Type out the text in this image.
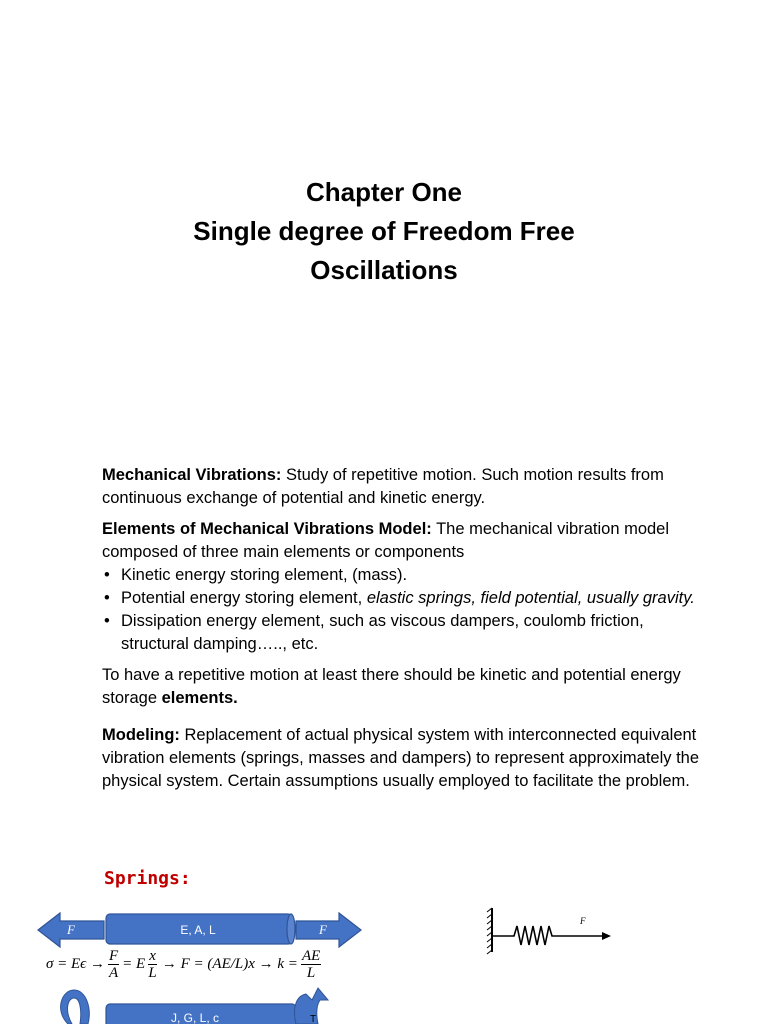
Chapter One
Single degree of Freedom Free
Oscillations

Mechanical Vibrations: Study of repetitive motion. Such motion results from continuous exchange of potential and kinetic energy.

Elements of Mechanical Vibrations Model: The mechanical vibration model composed of three main elements or components

• Kinetic energy storing element, (mass).
• Potential energy storing element, elastic springs, field potential, usually gravity.
• Dissipation energy element, such as viscous dampers, coulomb friction, structural damping….., etc.

To have a repetitive motion at least there should be kinetic and potential energy storage elements.

Modeling: Replacement of actual physical system with interconnected equivalent vibration elements (springs, masses and dampers) to represent approximately the physical system. Certain assumptions usually employed to facilitate the problem.

Springs:
F	E, A, L	F
F
J, G, L, c	T
$\sigma = E\epsilon \to \frac{F}{A} = E \frac{x}{L} \to F = (AE/L)x \to k = \frac{AE}{L}$
